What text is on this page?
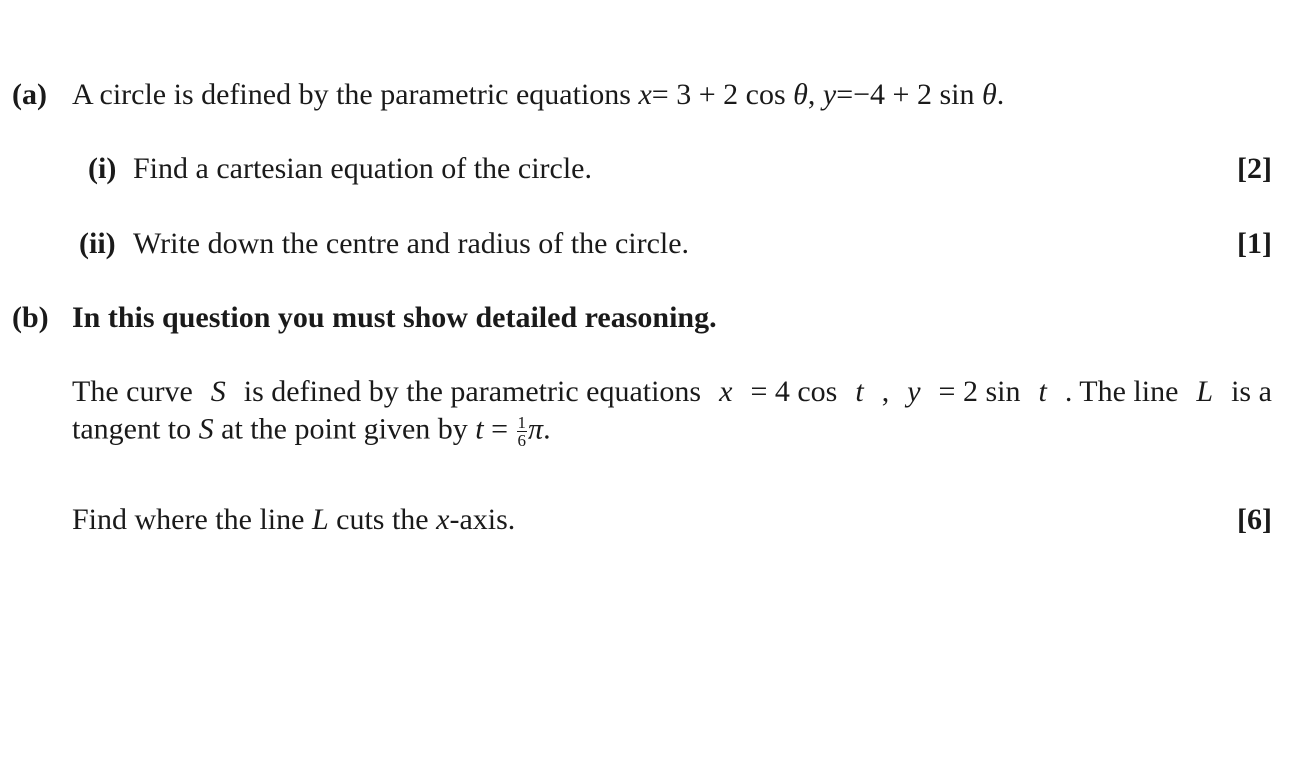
(a) A circle is defined by the parametric equations x= 3 + 2 cos θ, y=−4 + 2 sin θ.
(i) Find a cartesian equation of the circle.	[2]
(ii) Write down the centre and radius of the circle.	[1]
(b) In this question you must show detailed reasoning.
The curve S is defined by the parametric equations x = 4 cos t , y = 2 sin t . The line L is a
tangent to S at the point given by $t = \frac{1}{6} \pi$.
Find where the line L cuts the x-axis.	[6]
